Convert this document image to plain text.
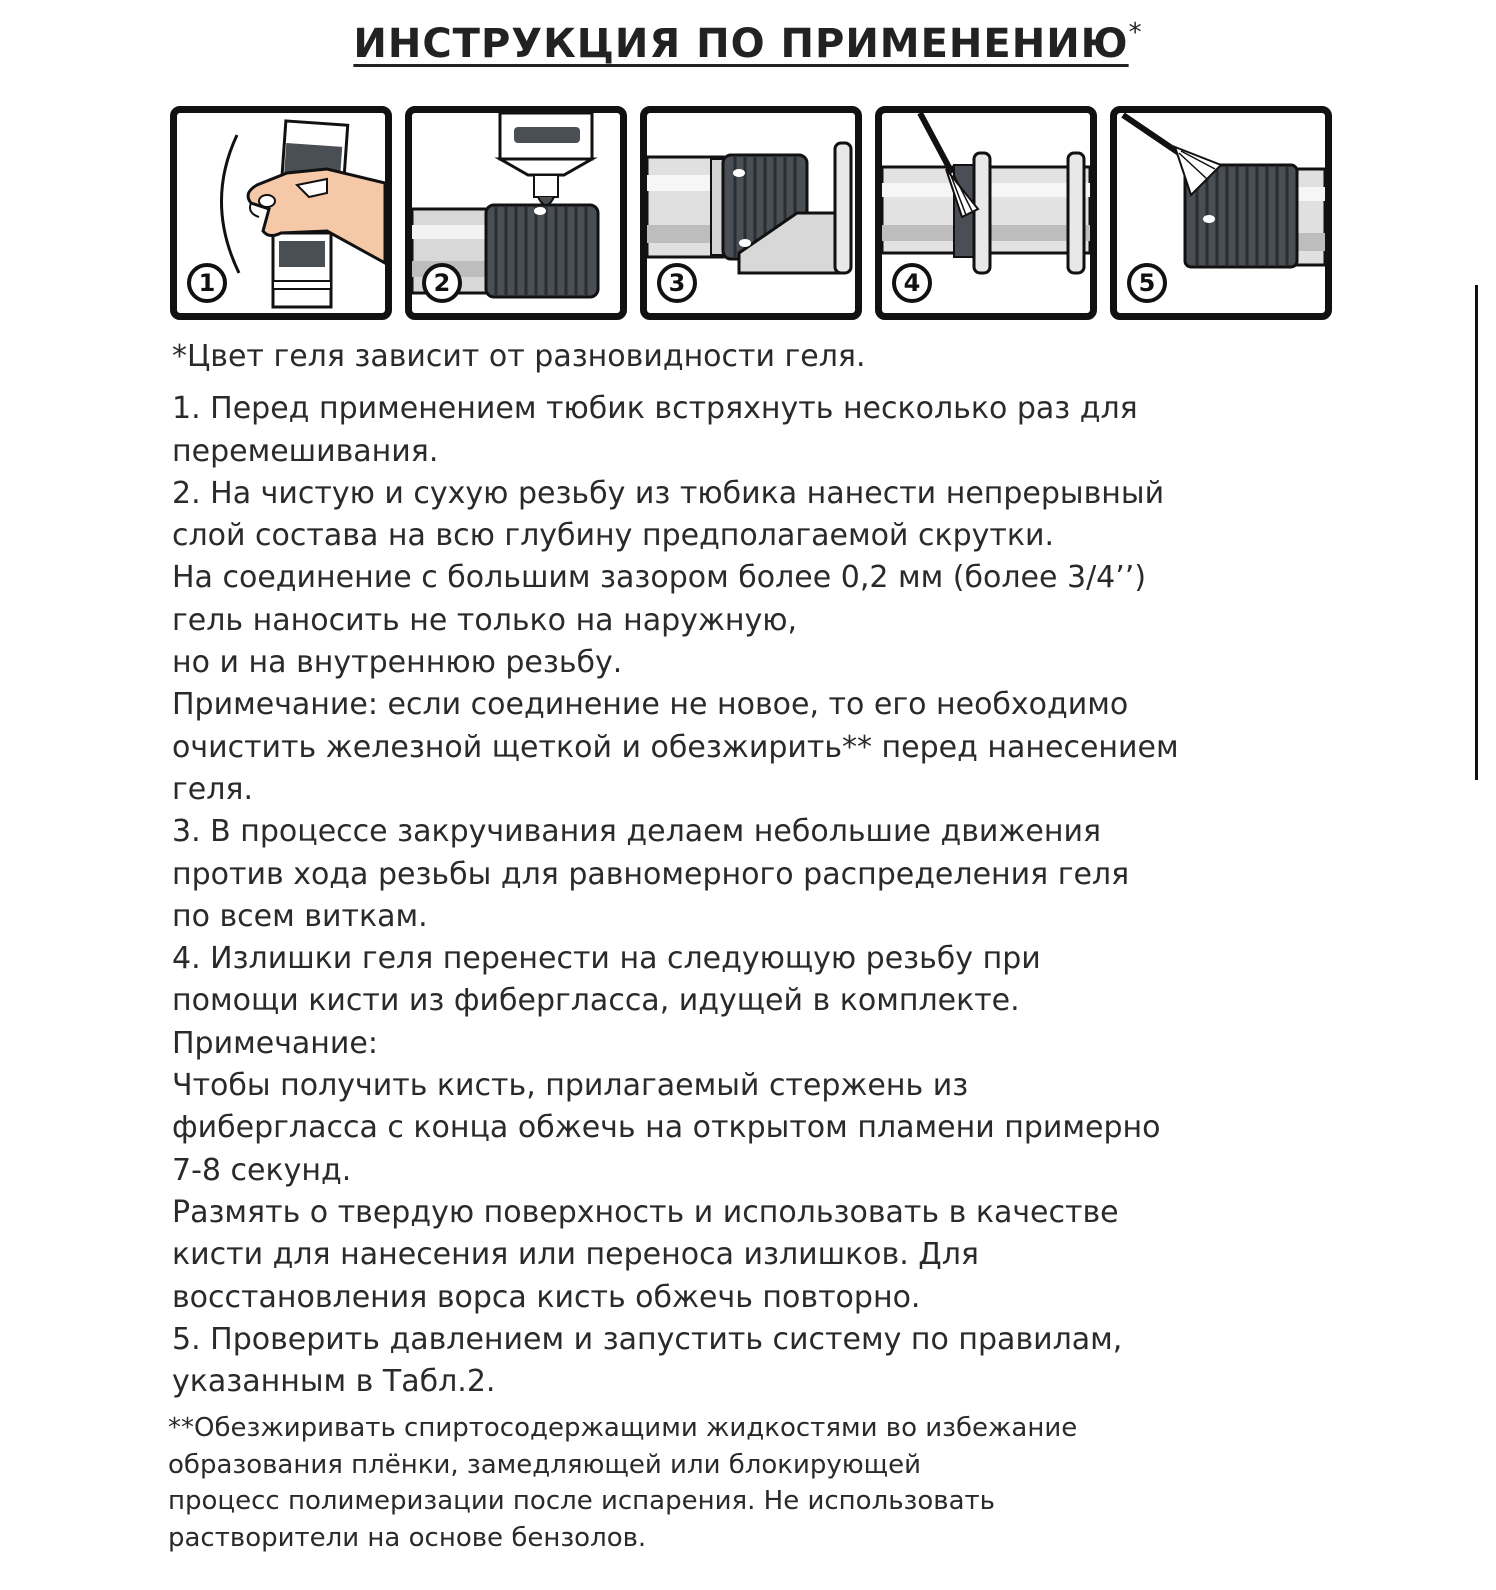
ИНСТРУКЦИЯ ПО ПРИМЕНЕНИЮ*
1	2	3	4	5

*Цвет геля зависит от разновидности геля.

1. Перед применением тюбик встряхнуть несколько раз для

перемешивания.

2. На чистую и сухую резьбу из тюбика нанести непрерывный

слой состава на всю глубину предполагаемой скрутки.

На соединение с большим зазором более 0,2 мм (более 3/4’’)

гель наносить не только на наружную,

но и на внутреннюю резьбу.

Примечание: если соединение не новое, то его необходимо

очистить железной щеткой и обезжирить** перед нанесением

геля.

3. В процессе закручивания делаем небольшие движения

против хода резьбы для равномерного распределения геля

по всем виткам.

4. Излишки геля перенести на следующую резьбу при

помощи кисти из фибергласса, идущей в комплекте.

Примечание:

Чтобы получить кисть, прилагаемый стержень из

фибергласса с конца обжечь на открытом пламени примерно

7-8 секунд.

Размять о твердую поверхность и использовать в качестве

кисти для нанесения или переноса излишков. Для

восстановления ворса кисть обжечь повторно.

5. Проверить давлением и запустить систему по правилам,

указанным в Табл.2.

**Обезжиривать спиртосодержащими жидкостями во избежание

образования плёнки, замедляющей или блокирующей

процесс полимеризации после испарения. Не использовать

растворители на основе бензолов.
